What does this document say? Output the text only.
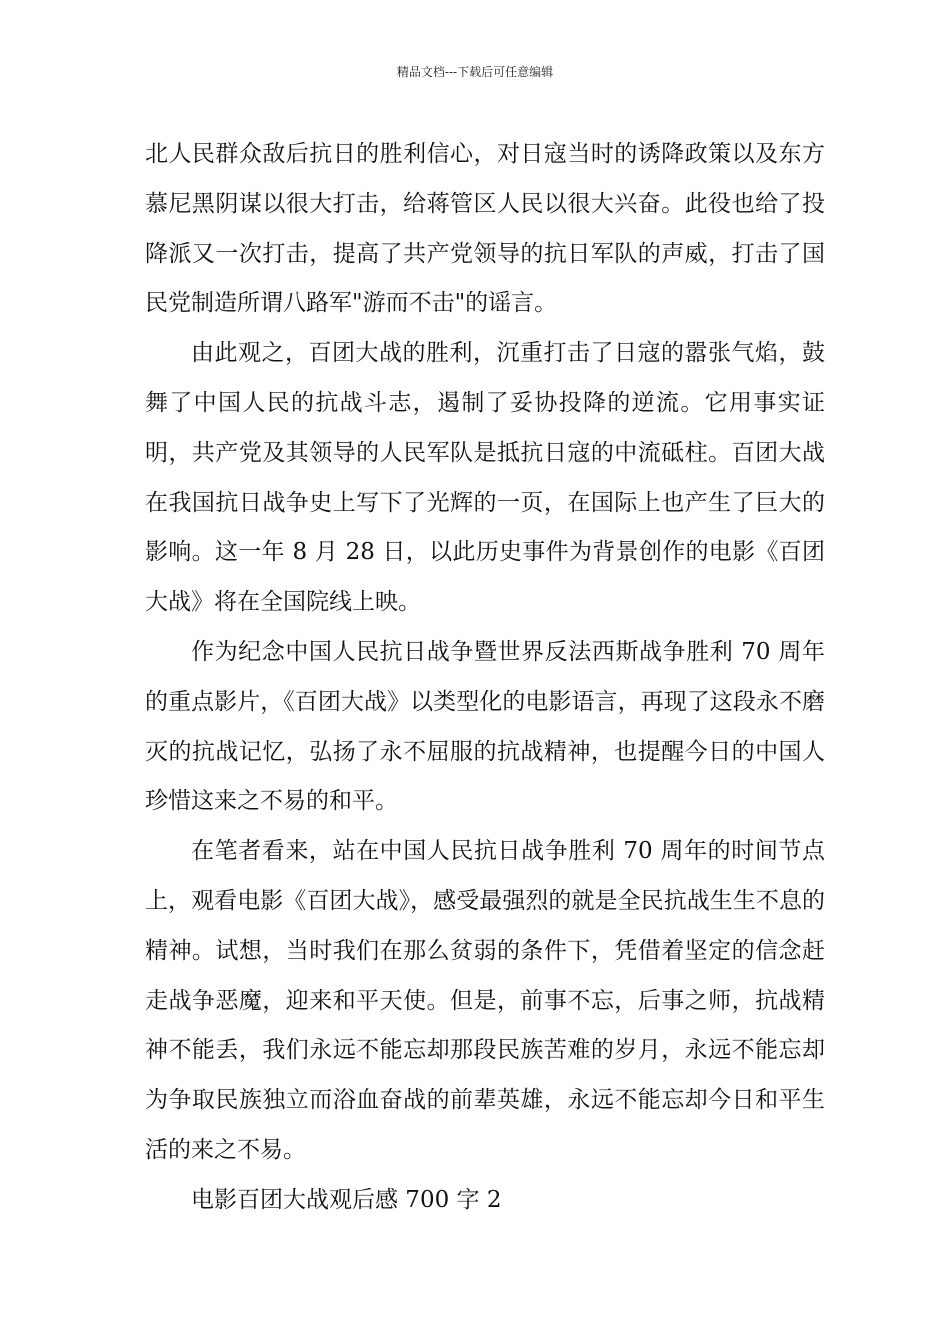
精品文档---下载后可任意编辑

北人民群众敌后抗日的胜利信心，对日寇当时的诱降政策以及东方慕尼黑阴谋以很大打击，给蒋管区人民以很大兴奋。此役也给了投降派又一次打击，提高了共产党领导的抗日军队的声威，打击了国民党制造所谓八路军"游而不击"的谣言。

由此观之，百团大战的胜利，沉重打击了日寇的嚣张气焰，鼓舞了中国人民的抗战斗志，遏制了妥协投降的逆流。它用事实证明，共产党及其领导的人民军队是抵抗日寇的中流砥柱。百团大战在我国抗日战争史上写下了光辉的一页，在国际上也产生了巨大的影响。这一年 8 月 28 日，以此历史事件为背景创作的电影《百团大战》将在全国院线上映。

作为纪念中国人民抗日战争暨世界反法西斯战争胜利 70 周年的重点影片，《百团大战》以类型化的电影语言，再现了这段永不磨灭的抗战记忆，弘扬了永不屈服的抗战精神，也提醒今日的中国人珍惜这来之不易的和平。

在笔者看来，站在中国人民抗日战争胜利 70 周年的时间节点上，观看电影《百团大战》，感受最强烈的就是全民抗战生生不息的精神。试想，当时我们在那么贫弱的条件下，凭借着坚定的信念赶走战争恶魔，迎来和平天使。但是，前事不忘，后事之师，抗战精神不能丢，我们永远不能忘却那段民族苦难的岁月，永远不能忘却为争取民族独立而浴血奋战的前辈英雄，永远不能忘却今日和平生活的来之不易。

电影百团大战观后感 700 字 2
